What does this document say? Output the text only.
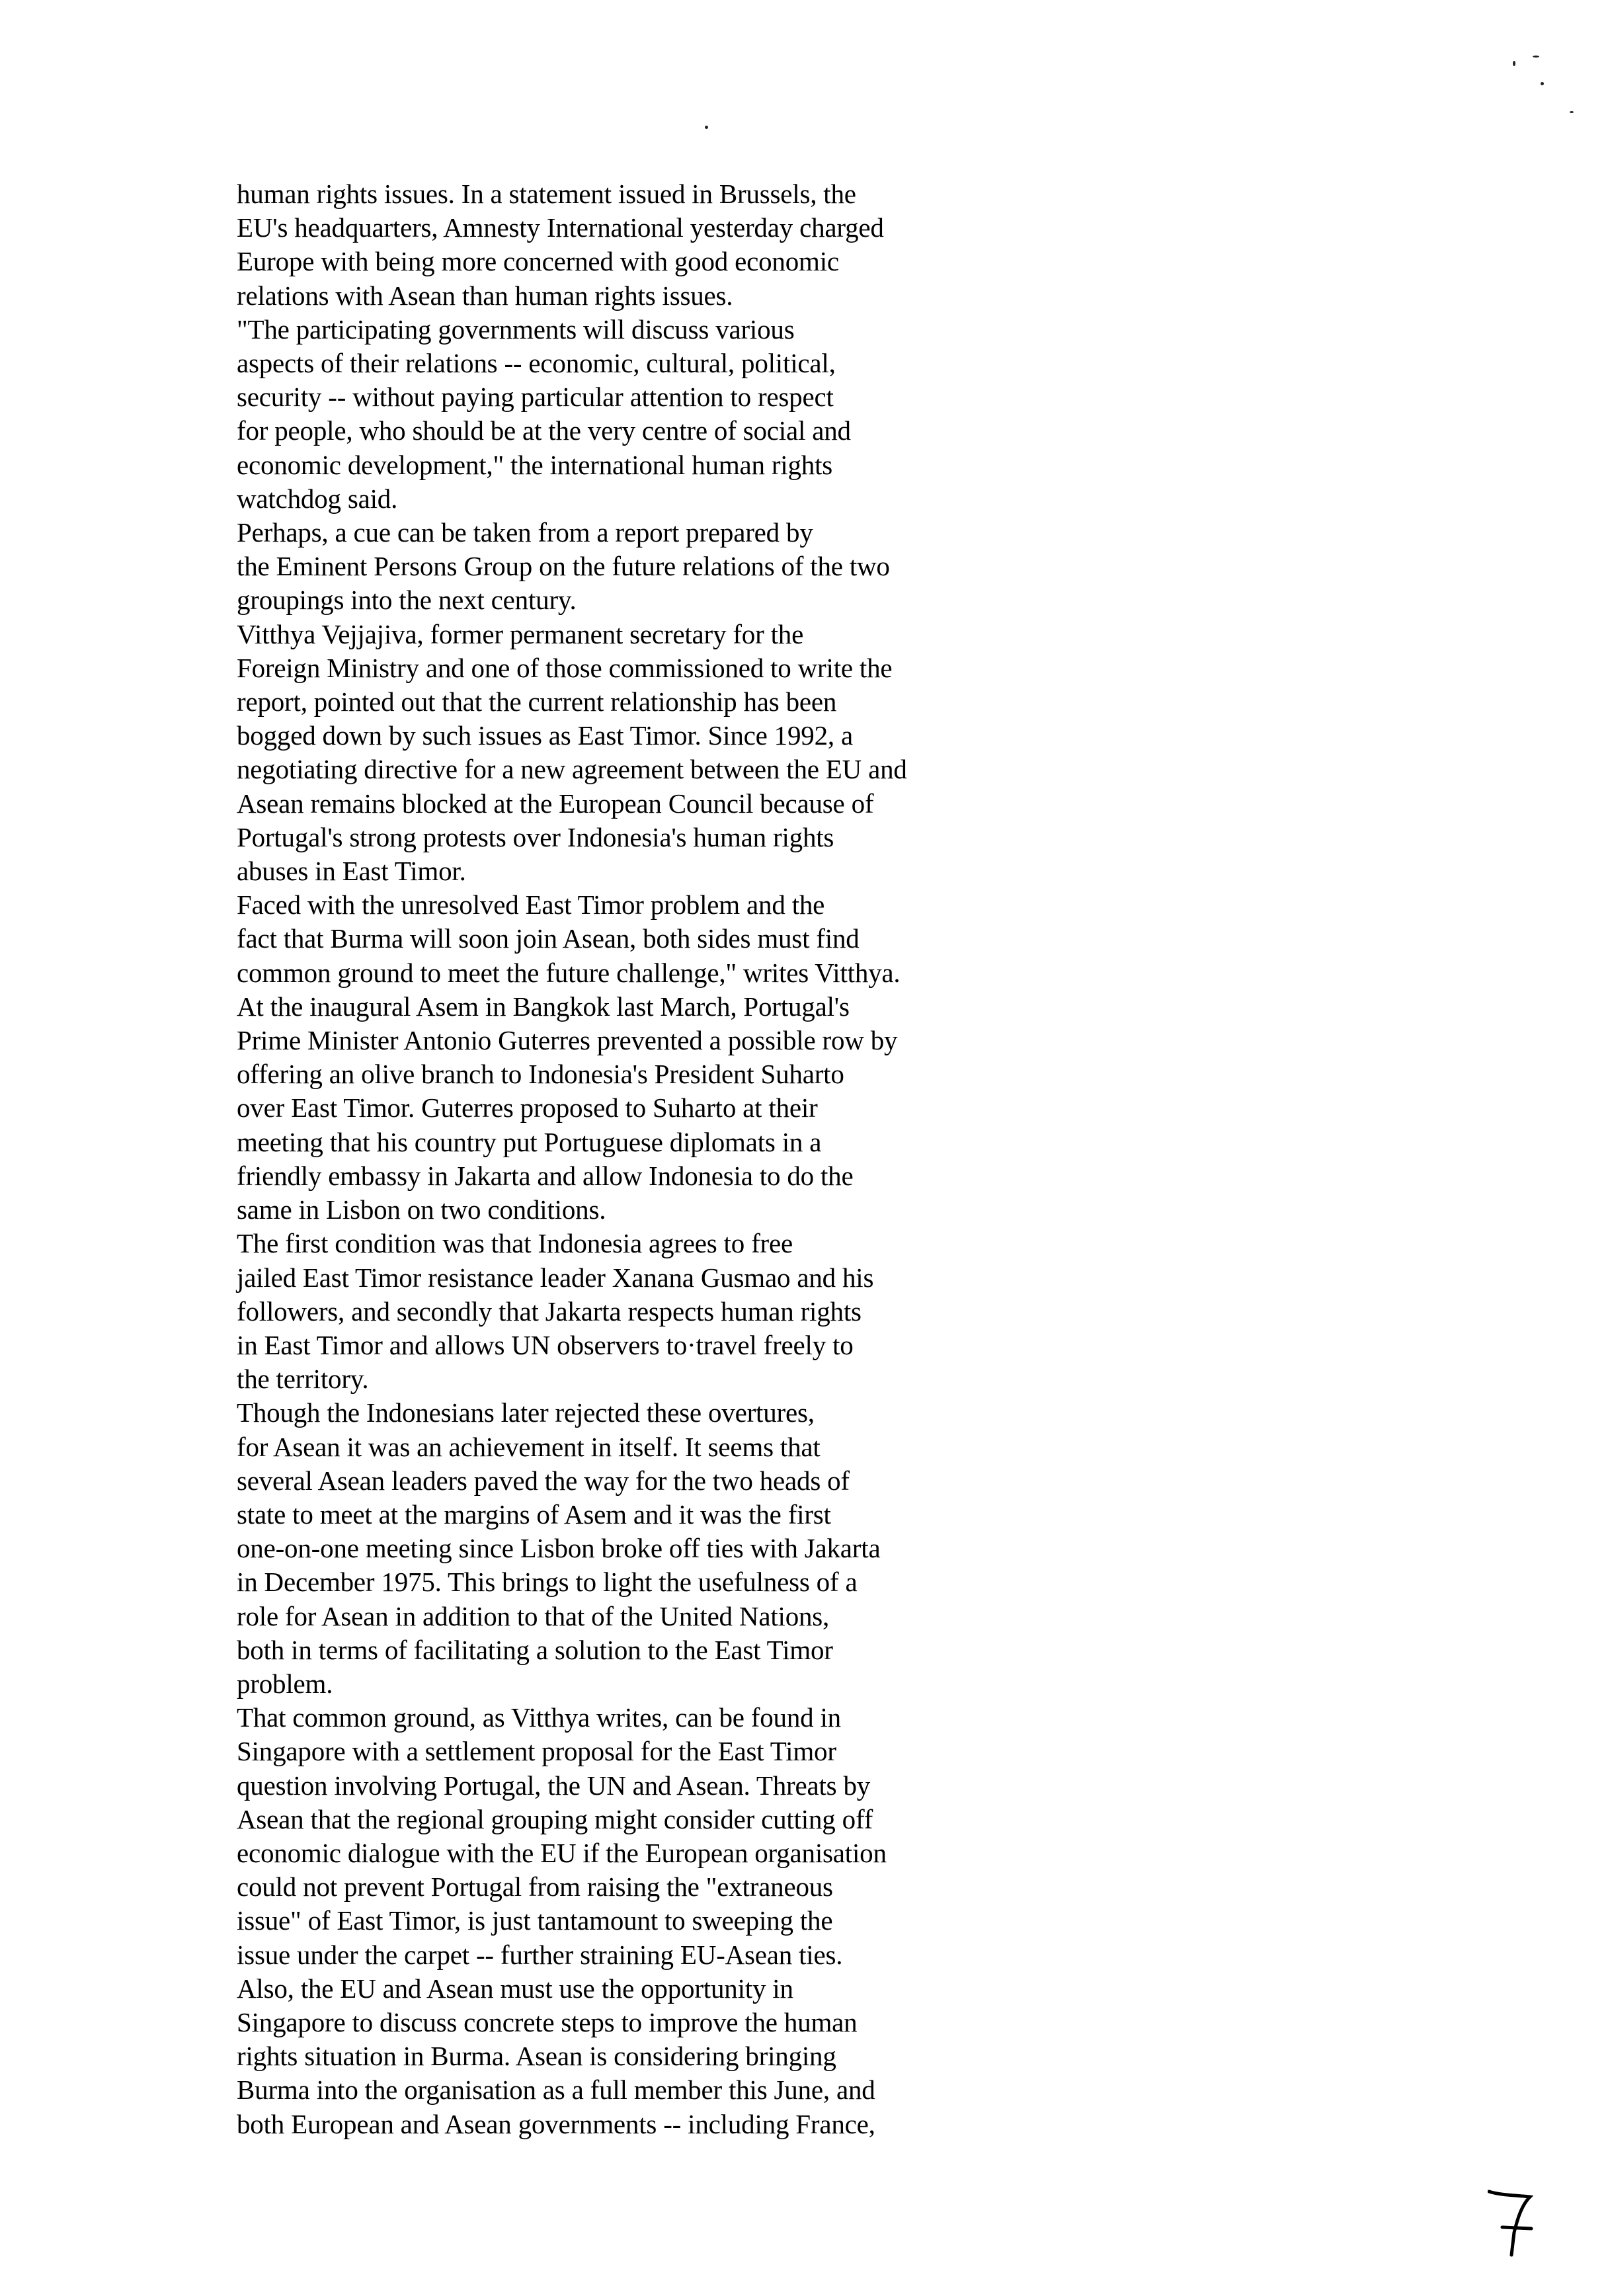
human rights issues. In a statement issued in Brussels, the
EU's headquarters, Amnesty International yesterday charged
Europe with being more concerned with good economic
relations with Asean than human rights issues.
"The participating governments will discuss various
aspects of their relations -- economic, cultural, political,
security -- without paying particular attention to respect
for people, who should be at the very centre of social and
economic development," the international human rights
watchdog said.
Perhaps, a cue can be taken from a report prepared by
the Eminent Persons Group on the future relations of the two
groupings into the next century.
Vitthya Vejjajiva, former permanent secretary for the
Foreign Ministry and one of those commissioned to write the
report, pointed out that the current relationship has been
bogged down by such issues as East Timor. Since 1992, a
negotiating directive for a new agreement between the EU and
Asean remains blocked at the European Council because of
Portugal's strong protests over Indonesia's human rights
abuses in East Timor.
Faced with the unresolved East Timor problem and the
fact that Burma will soon join Asean, both sides must find
common ground to meet the future challenge," writes Vitthya.
At the inaugural Asem in Bangkok last March, Portugal's
Prime Minister Antonio Guterres prevented a possible row by
offering an olive branch to Indonesia's President Suharto
over East Timor. Guterres proposed to Suharto at their
meeting that his country put Portuguese diplomats in a
friendly embassy in Jakarta and allow Indonesia to do the
same in Lisbon on two conditions.
The first condition was that Indonesia agrees to free
jailed East Timor resistance leader Xanana Gusmao and his
followers, and secondly that Jakarta respects human rights
in East Timor and allows UN observers to·travel freely to
the territory.
Though the Indonesians later rejected these overtures,
for Asean it was an achievement in itself. It seems that
several Asean leaders paved the way for the two heads of
state to meet at the margins of Asem and it was the first
one-on-one meeting since Lisbon broke off ties with Jakarta
in December 1975. This brings to light the usefulness of a
role for Asean in addition to that of the United Nations,
both in terms of facilitating a solution to the East Timor
problem.
That common ground, as Vitthya writes, can be found in
Singapore with a settlement proposal for the East Timor
question involving Portugal, the UN and Asean. Threats by
Asean that the regional grouping might consider cutting off
economic dialogue with the EU if the European organisation
could not prevent Portugal from raising the "extraneous
issue" of East Timor, is just tantamount to sweeping the
issue under the carpet -- further straining EU-Asean ties.
Also, the EU and Asean must use the opportunity in
Singapore to discuss concrete steps to improve the human
rights situation in Burma. Asean is considering bringing
Burma into the organisation as a full member this June, and
both European and Asean governments -- including France,
